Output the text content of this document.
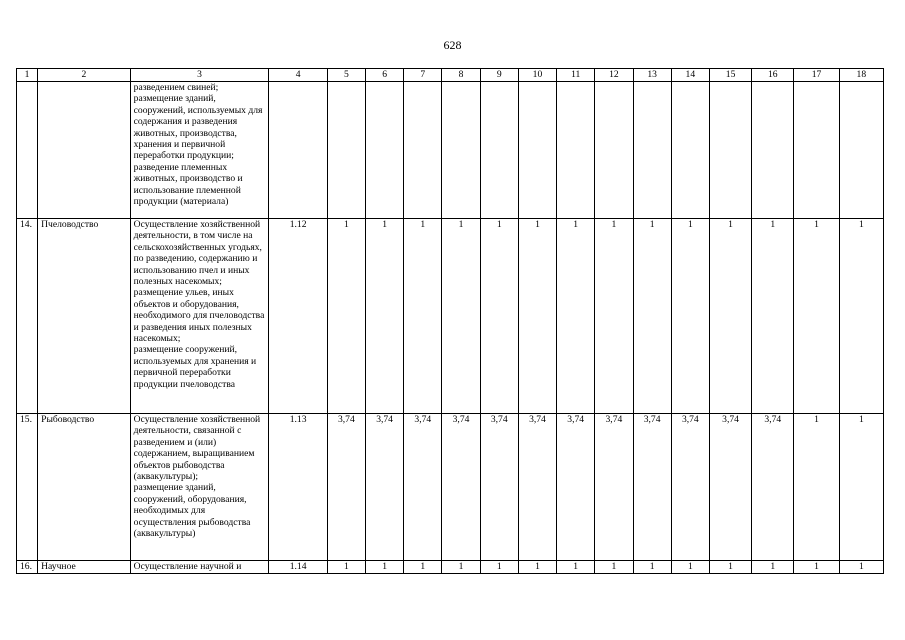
628
1	2	3	4	5	6	7	8	9	10	11	12	13	14	15	16	17	18
		разведением свиней;
размещение зданий, сооружений, используемых для содержания и разведения животных, производства, хранения и первичной переработки продукции;
разведение племенных животных, производство и использование племенной продукции (материала)															
14.	Пчеловодство	Осуществление хозяйственной деятельности, в том числе на сельскохозяйственных угодьях, по разведению, содержанию и использованию пчел и иных полезных насекомых;
размещение ульев, иных объектов и оборудования, необходимого для пчеловодства и разведения иных полезных насекомых;
размещение сооружений, используемых для хранения и первичной переработки продукции пчеловодства	1.12	1	1	1	1	1	1	1	1	1	1	1	1	1	1
15.	Рыбоводство	Осуществление хозяйственной деятельности, связанной с разведением и (или) содержанием, выращиванием объектов рыбоводства (аквакультуры);
размещение зданий, сооружений, оборудования, необходимых для осуществления рыбоводства (аквакультуры)	1.13	3,74	3,74	3,74	3,74	3,74	3,74	3,74	3,74	3,74	3,74	3,74	3,74	1	1
16.	Научное	Осуществление научной и	1.14	1	1	1	1	1	1	1	1	1	1	1	1	1	1
